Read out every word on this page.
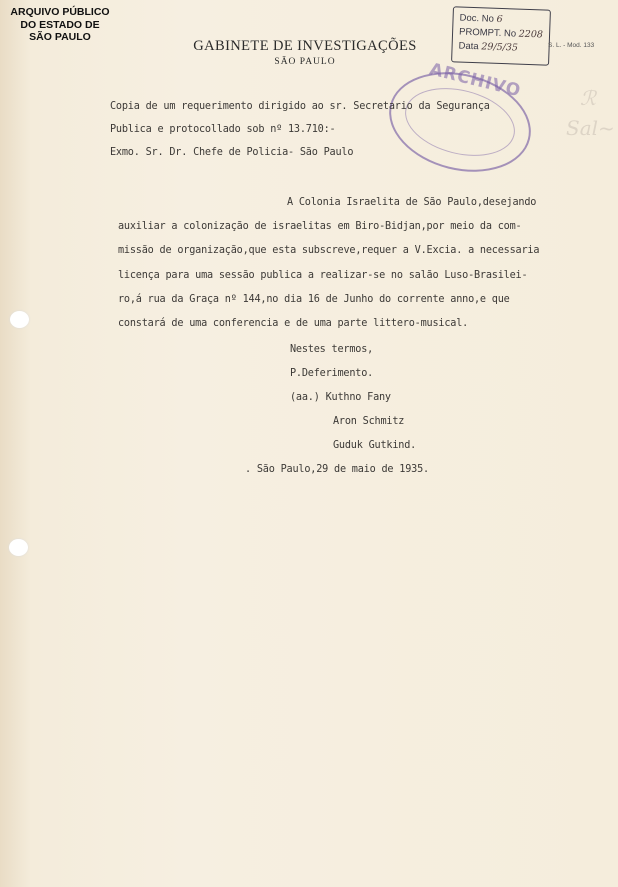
ARQUIVO PÚBLICO
DO ESTADO DE
SÃO PAULO
GABINETE DE INVESTIGAÇÕES
SÃO PAULO
Doc. No 6
PROMPT. No 2208
Data 29/5/35	S. L. - Mod. 133
ARCHIVO	ℛ
Sal~
Copia de um requerimento dirigido ao sr. Secretario da Segurança
Publica e protocollado sob nº 13.710:-
Exmo. Sr. Dr. Chefe de Policia- São Paulo
A Colonia Israelita de São Paulo,desejando
auxiliar a colonização de israelitas em Biro-Bidjan,por meio da com-
missão de organização,que esta subscreve,requer a V.Excia. a necessaria
licença para uma sessão publica a realizar-se no salão Luso-Brasilei-
ro,á rua da Graça nº 144,no dia 16 de Junho do corrente anno,e que
constará de uma conferencia e de uma parte littero-musical.
Nestes termos,
P.Deferimento.
(aa.) Kuthno Fany
Aron Schmitz
Guduk Gutkind.
. São Paulo,29 de maio de 1935.
